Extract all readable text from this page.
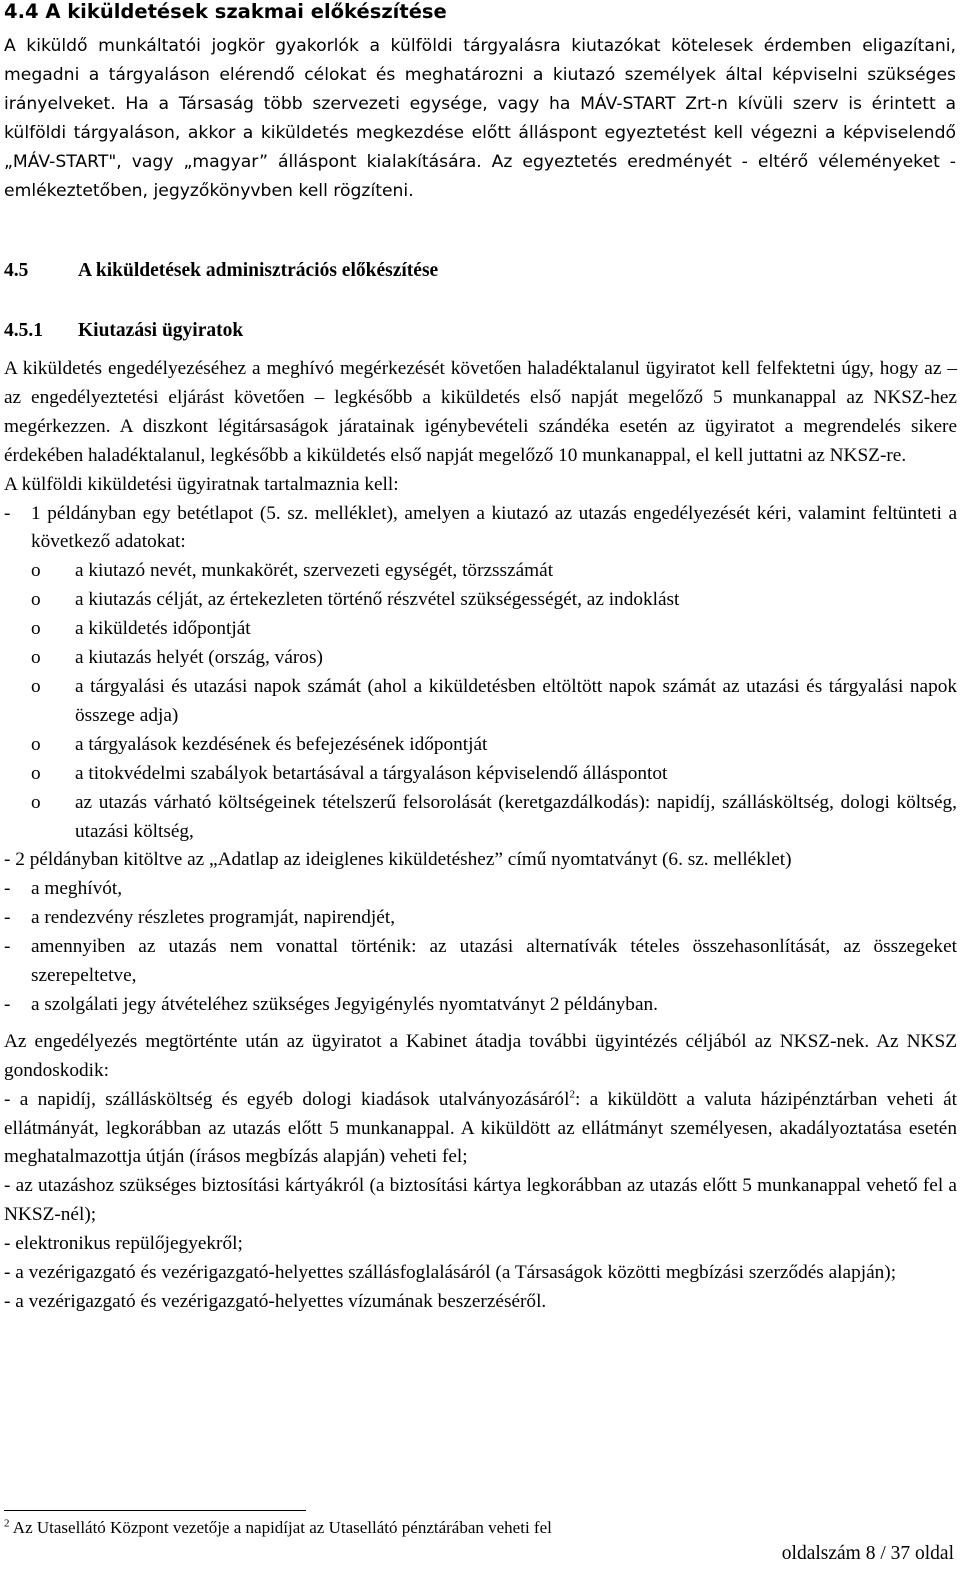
4.4 A kiküldetések szakmai előkészítése
A kiküldő munkáltatói jogkör gyakorlók a külföldi tárgyalásra kiutazókat kötelesek érdemben eligazítani, megadni a tárgyaláson elérendő célokat és meghatározni a kiutazó személyek által képviselni szükséges irányelveket. Ha a Társaság több szervezeti egysége, vagy ha MÁV-START Zrt-n kívüli szerv is érintett a külföldi tárgyaláson, akkor a kiküldetés megkezdése előtt álláspont egyeztetést kell végezni a képviselendő „MÁV-START", vagy „magyar” álláspont kialakítására. Az egyeztetés eredményét - eltérő véleményeket - emlékeztetőben, jegyzőkönyvben kell rögzíteni.
4.5	A kiküldetések adminisztrációs előkészítése
4.5.1 Kiutazási ügyiratok

A kiküldetés engedélyezéséhez a meghívó megérkezését követően haladéktalanul ügyiratot kell felfektetni úgy, hogy az – az engedélyeztetési eljárást követően – legkésőbb a kiküldetés első napját megelőző 5 munkanappal az NKSZ-hez megérkezzen. A diszkont légitársaságok járatainak igénybevételi szándéka esetén az ügyiratot a megrendelés sikere érdekében haladéktalanul, legkésőbb a kiküldetés első napját megelőző 10 munkanappal, el kell juttatni az NKSZ-re.

A külföldi kiküldetési ügyiratnak tartalmaznia kell:

-	1 példányban egy betétlapot (5. sz. melléklet), amelyen a kiutazó az utazás engedélyezését kéri, valamint feltünteti a következő adatokat:
o	a kiutazó nevét, munkakörét, szervezeti egységét, törzsszámát
o	a kiutazás célját, az értekezleten történő részvétel szükségességét, az indoklást
o	a kiküldetés időpontját
o	a kiutazás helyét (ország, város)
o	a tárgyalási és utazási napok számát (ahol a kiküldetésben eltöltött napok számát az utazási és tárgyalási napok összege adja)
o	a tárgyalások kezdésének és befejezésének időpontját
o	a titokvédelmi szabályok betartásával a tárgyaláson képviselendő álláspontot
o	az utazás várható költségeinek tételszerű felsorolását (keretgazdálkodás): napidíj, szállásköltség, dologi költség, utazási költség,

- 2 példányban kitöltve az „Adatlap az ideiglenes kiküldetéshez” című nyomtatványt (6. sz. melléklet)

-	a meghívót,
-	a rendezvény részletes programját, napirendjét,
-	amennyiben az utazás nem vonattal történik: az utazási alternatívák tételes összehasonlítását, az összegeket szerepeltetve,
-	a szolgálati jegy átvételéhez szükséges Jegyigénylés nyomtatványt 2 példányban.

Az engedélyezés megtörténte után az ügyiratot a Kabinet átadja további ügyintézés céljából az NKSZ-nek. Az NKSZ gondoskodik:

- a napidíj, szállásköltség és egyéb dologi kiadások utalványozásáról$^2$: a kiküldött a valuta házipénztárban veheti át ellátmányát, legkorábban az utazás előtt 5 munkanappal. A kiküldött az ellátmányt személyesen, akadályoztatása esetén meghatalmazottja útján (írásos megbízás alapján) veheti fel;

- az utazáshoz szükséges biztosítási kártyákról (a biztosítási kártya legkorábban az utazás előtt 5 munkanappal vehető fel a NKSZ-nél);

- elektronikus repülőjegyekről;

- a vezérigazgató és vezérigazgató-helyettes szállásfoglalásáról (a Társaságok közötti megbízási szerződés alapján);

- a vezérigazgató és vezérigazgató-helyettes vízumának beszerzéséről.

$^2$ Az Utasellátó Központ vezetője a napidíjat az Utasellátó pénztárában veheti fel
oldalszám 8 / 37 oldal
